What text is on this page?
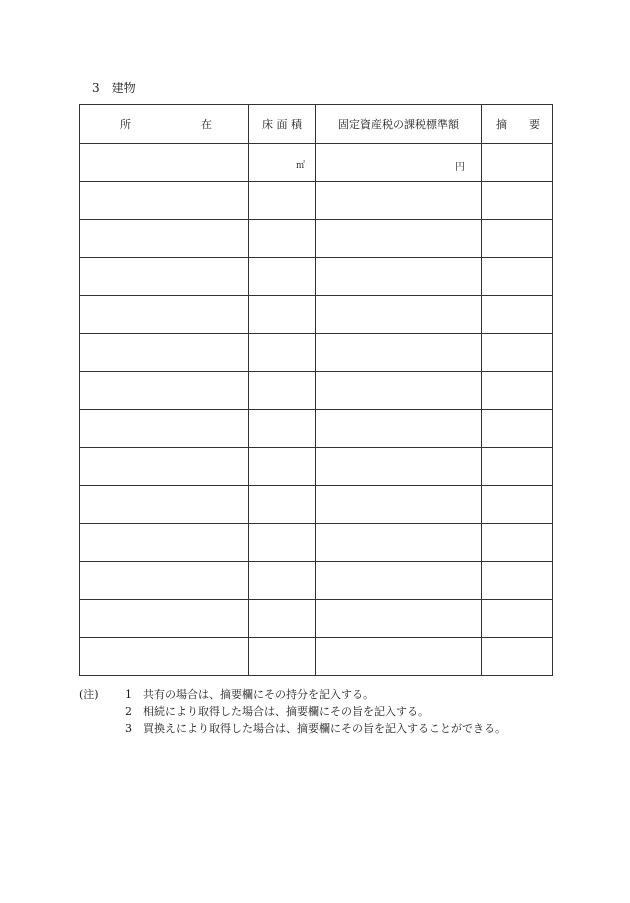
3　建物
所 在	床 面 積	固定資産税の課税標準額	摘 要

	㎡	円	

(注)	1	共有の場合は、摘要欄にその持分を記入する。
2	相続により取得した場合は、摘要欄にその旨を記入する。
3	買換えにより取得した場合は、摘要欄にその旨を記入することができる。
